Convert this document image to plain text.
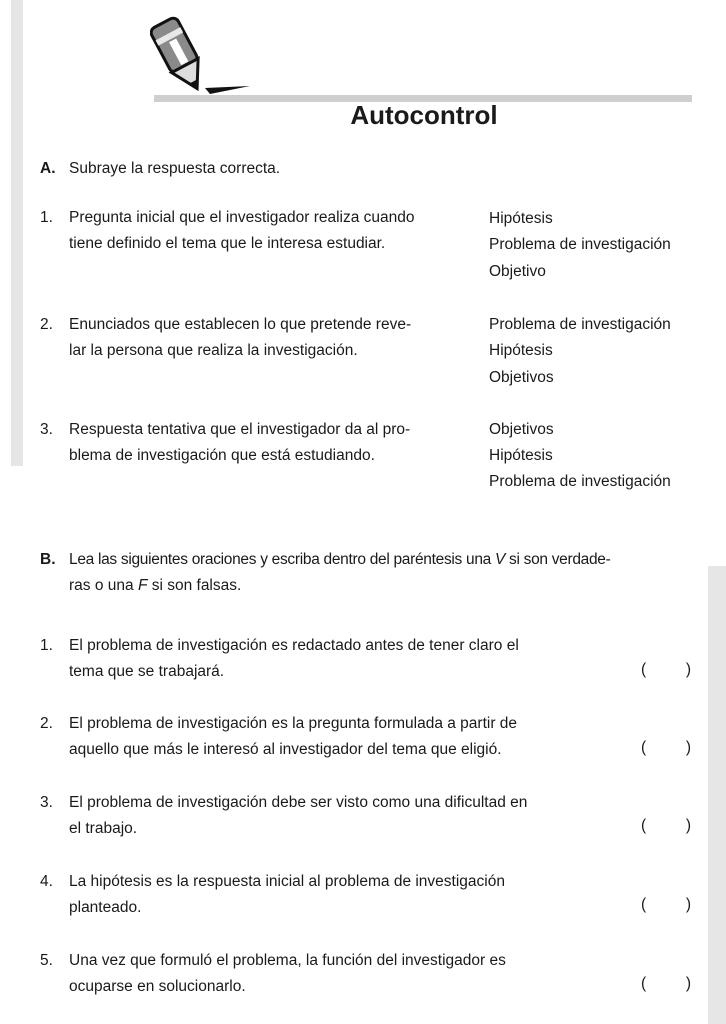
Autocontrol
A. Subraye la respuesta correcta.
1. Pregunta inicial que el investigador realiza cuando
tiene definido el tema que le interesa estudiar.
Hipótesis
Problema de investigación
Objetivo
2. Enunciados que establecen lo que pretende reve-
lar la persona que realiza la investigación.
Problema de investigación
Hipótesis
Objetivos
3. Respuesta tentativa que el investigador da al pro-
blema de investigación que está estudiando.
Objetivos
Hipótesis
Problema de investigación
B. Lea las siguientes oraciones y escriba dentro del paréntesis una V si son verdade-
ras o una F si son falsas.
1. El problema de investigación es redactado antes de tener claro el
tema que se trabajará.	(	)
2. El problema de investigación es la pregunta formulada a partir de
aquello que más le interesó al investigador del tema que eligió.	(	)
3. El problema de investigación debe ser visto como una dificultad en
el trabajo.	(	)
4. La hipótesis es la respuesta inicial al problema de investigación
planteado.	(	)
5. Una vez que formuló el problema, la función del investigador es
ocuparse en solucionarlo.	(	)
